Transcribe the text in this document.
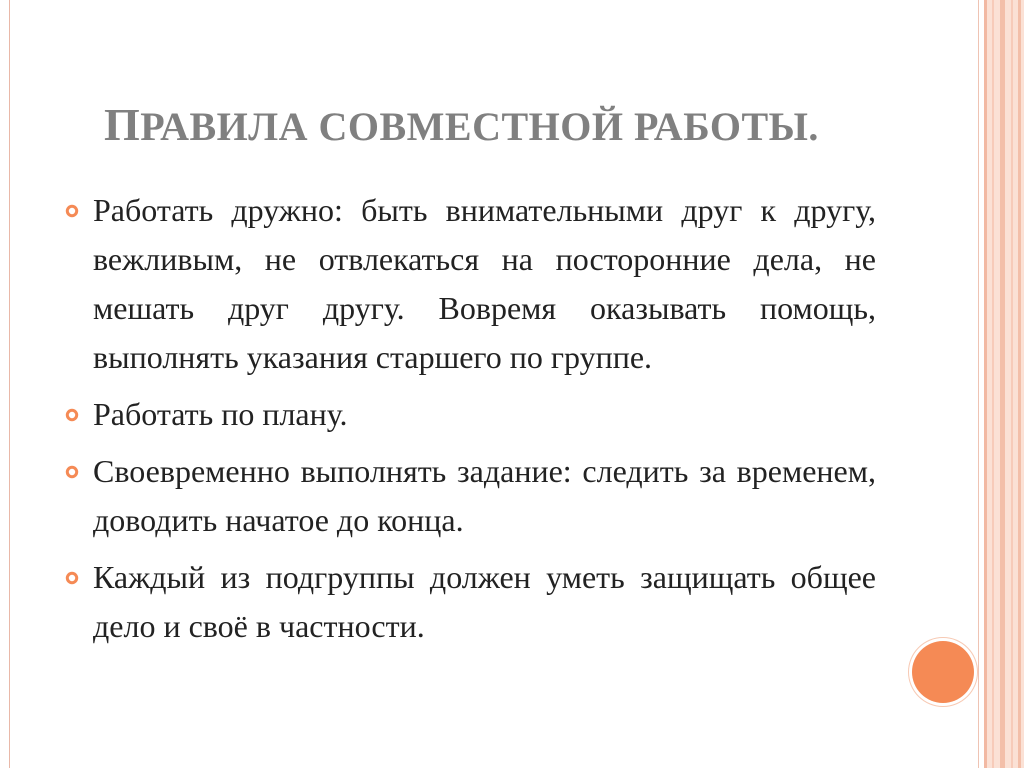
ПРАВИЛА СОВМЕСТНОЙ РАБОТЫ.
Работать дружно: быть внимательными друг к другу, вежливым, не отвлекаться на посторонние дела, не мешать друг другу. Вовремя оказывать помощь, выполнять указания старшего по группе.
Работать по плану.
Своевременно выполнять задание: следить за временем, доводить начатое до конца.
Каждый из подгруппы должен уметь защищать общее дело и своё в частности.
